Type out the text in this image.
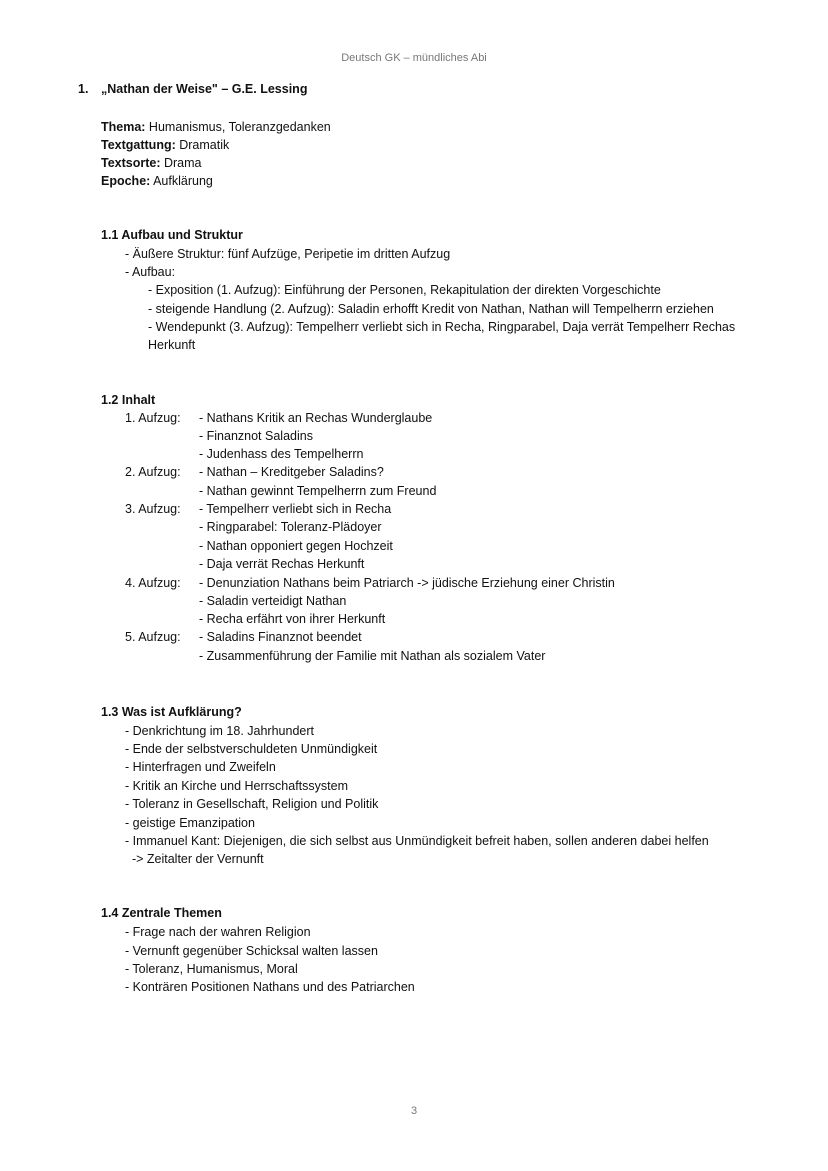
Deutsch GK – mündliches Abi
1. „Nathan der Weise" – G.E. Lessing
Thema: Humanismus, Toleranzgedanken
Textgattung: Dramatik
Textsorte: Drama
Epoche: Aufklärung
1.1 Aufbau und Struktur
- Äußere Struktur: fünf Aufzüge, Peripetie im dritten Aufzug
- Aufbau:
- Exposition (1. Aufzug): Einführung der Personen, Rekapitulation der direkten Vorgeschichte
- steigende Handlung (2. Aufzug): Saladin erhofft Kredit von Nathan, Nathan will Tempelherrn erziehen
- Wendepunkt (3. Aufzug): Tempelherr verliebt sich in Recha, Ringparabel, Daja verrät Tempelherr Rechas
Herkunft
1.2 Inhalt
1. Aufzug: - Nathans Kritik an Rechas Wunderglaube
- Finanznot Saladins
- Judenhass des Tempelherrn
2. Aufzug: - Nathan – Kreditgeber Saladins?
- Nathan gewinnt Tempelherrn zum Freund
3. Aufzug: - Tempelherr verliebt sich in Recha
- Ringparabel: Toleranz-Plädoyer
- Nathan opponiert gegen Hochzeit
- Daja verrät Rechas Herkunft
4. Aufzug: - Denunziation Nathans beim Patriarch -> jüdische Erziehung einer Christin
- Saladin verteidigt Nathan
- Recha erfährt von ihrer Herkunft
5. Aufzug: - Saladins Finanznot beendet
- Zusammenführung der Familie mit Nathan als sozialem Vater
1.3 Was ist Aufklärung?
- Denkrichtung im 18. Jahrhundert
- Ende der selbstverschuldeten Unmündigkeit
- Hinterfragen und Zweifeln
- Kritik an Kirche und Herrschaftssystem
- Toleranz in Gesellschaft, Religion und Politik
- geistige Emanzipation
- Immanuel Kant: Diejenigen, die sich selbst aus Unmündigkeit befreit haben, sollen anderen dabei helfen
-> Zeitalter der Vernunft
1.4 Zentrale Themen
- Frage nach der wahren Religion
- Vernunft gegenüber Schicksal walten lassen
- Toleranz, Humanismus, Moral
- Konträren Positionen Nathans und des Patriarchen
3
